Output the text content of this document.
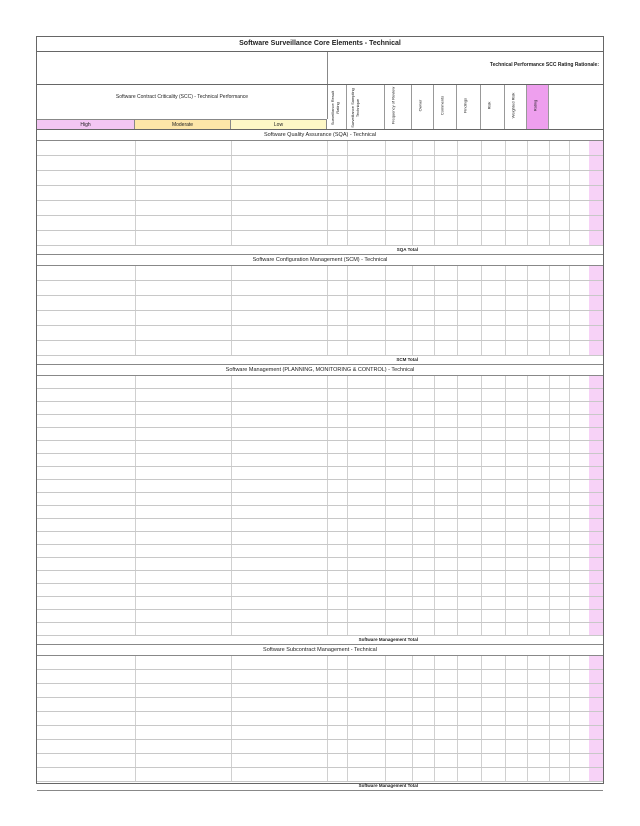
Software Surveillance Core Elements - Technical
Technical Performance SCC Rating Rationale:
Software Contract Criticality (SCC) - Technical Performance
High	Moderate	Low	Surveillance Result Rating	Surveillance Sampling Technique	Frequency of Review	Owner	Comments	Findings	Risk	Weighted Risk	Rating
Software Quality Assurance (SQA) - Technical
SQA Total
Software Configuration Management (SCM) - Technical
SCM Total
Software Management (PLANNING, MONITORING & CONTROL) - Technical
Software Management Total
Software Subcontract Management - Technical
Software Management Total
